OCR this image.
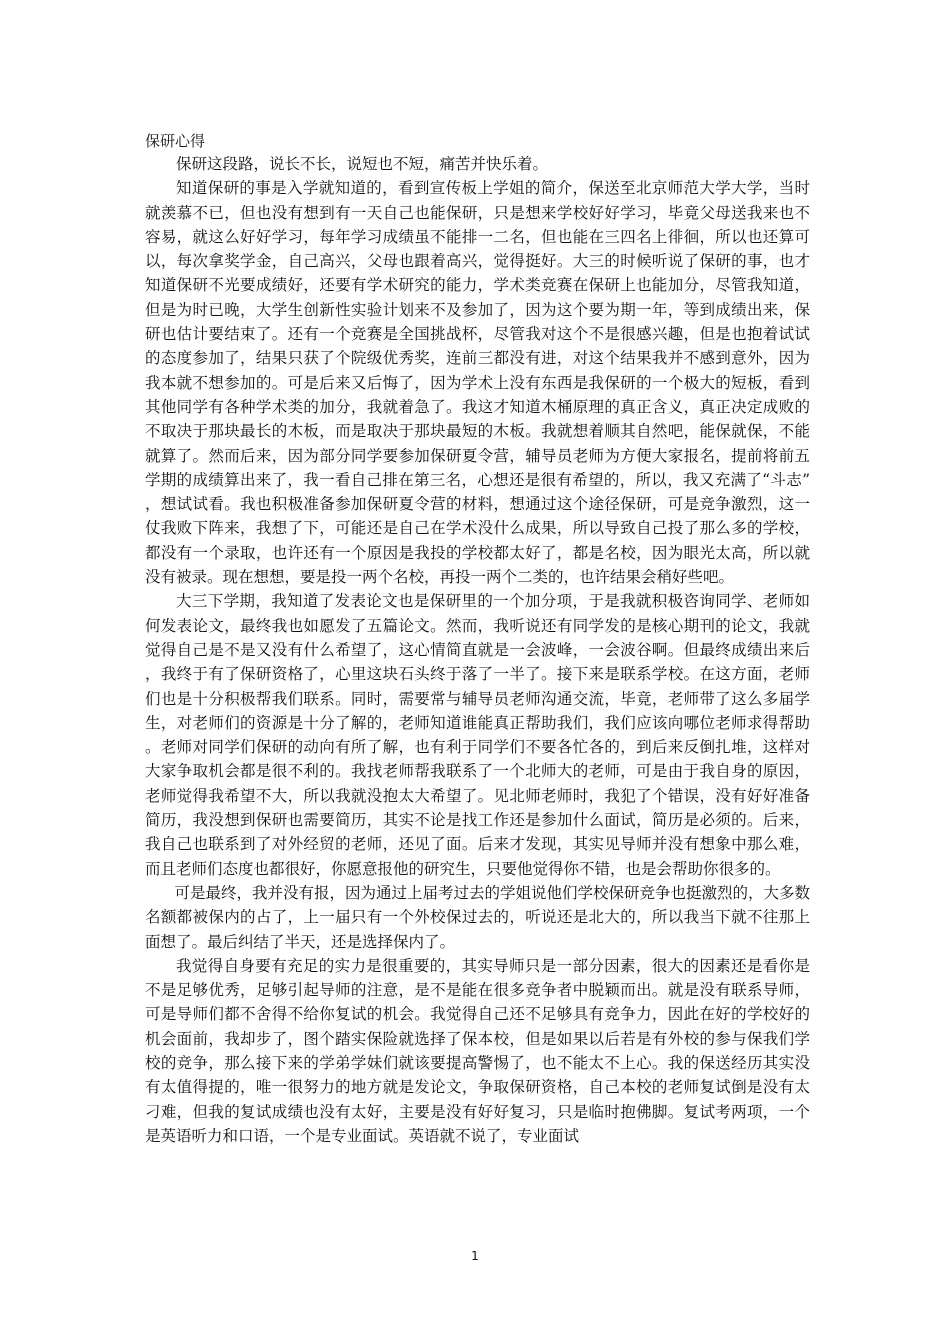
保研心得

保研这段路，说长不长，说短也不短，痛苦并快乐着。

知道保研的事是入学就知道的，看到宣传板上学姐的简介，保送至北京师范大学大学，当时就羡慕不已，但也没有想到有一天自己也能保研，只是想来学校好好学习，毕竟父母送我来也不容易，就这么好好学习，每年学习成绩虽不能排一二名，但也能在三四名上徘徊，所以也还算可以，每次拿奖学金，自己高兴，父母也跟着高兴，觉得挺好。大三的时候听说了保研的事，也才知道保研不光要成绩好，还要有学术研究的能力，学术类竞赛在保研上也能加分，尽管我知道，但是为时已晚，大学生创新性实验计划来不及参加了，因为这个要为期一年，等到成绩出来，保研也估计要结束了。还有一个竞赛是全国挑战杯，尽管我对这个不是很感兴趣，但是也抱着试试的态度参加了，结果只获了个院级优秀奖，连前三都没有进，对这个结果我并不感到意外，因为我本就不想参加的。可是后来又后悔了，因为学术上没有东西是我保研的一个极大的短板，看到其他同学有各种学术类的加分，我就着急了。我这才知道木桶原理的真正含义，真正决定成败的不取决于那块最长的木板，而是取决于那块最短的木板。我就想着顺其自然吧，能保就保，不能就算了。然而后来，因为部分同学要参加保研夏令营，辅导员老师为方便大家报名，提前将前五学期的成绩算出来了，我一看自己排在第三名，心想还是很有希望的，所以，我又充满了“斗志”，想试试看。我也积极准备参加保研夏令营的材料，想通过这个途径保研，可是竞争激烈，这一仗我败下阵来，我想了下，可能还是自己在学术没什么成果，所以导致自己投了那么多的学校，都没有一个录取，也许还有一个原因是我投的学校都太好了，都是名校，因为眼光太高，所以就没有被录。现在想想，要是投一两个名校，再投一两个二类的，也许结果会稍好些吧。

大三下学期，我知道了发表论文也是保研里的一个加分项，于是我就积极咨询同学、老师如何发表论文，最终我也如愿发了五篇论文。然而，我听说还有同学发的是核心期刊的论文，我就觉得自己是不是又没有什么希望了，这心情简直就是一会波峰，一会波谷啊。但最终成绩出来后，我终于有了保研资格了，心里这块石头终于落了一半了。接下来是联系学校。在这方面，老师们也是十分积极帮我们联系。同时，需要常与辅导员老师沟通交流，毕竟，老师带了这么多届学生，对老师们的资源是十分了解的，老师知道谁能真正帮助我们，我们应该向哪位老师求得帮助。老师对同学们保研的动向有所了解，也有利于同学们不要各忙各的，到后来反倒扎堆，这样对大家争取机会都是很不利的。我找老师帮我联系了一个北师大的老师，可是由于我自身的原因，老师觉得我希望不大，所以我就没抱太大希望了。见北师老师时，我犯了个错误，没有好好准备简历，我没想到保研也需要简历，其实不论是找工作还是参加什么面试，简历是必须的。后来，我自己也联系到了对外经贸的老师，还见了面。后来才发现，其实见导师并没有想象中那么难，而且老师们态度也都很好，你愿意报他的研究生，只要他觉得你不错，也是会帮助你很多的。

可是最终，我并没有报，因为通过上届考过去的学姐说他们学校保研竞争也挺激烈的，大多数名额都被保内的占了，上一届只有一个外校保过去的，听说还是北大的，所以我当下就不往那上面想了。最后纠结了半天，还是选择保内了。

我觉得自身要有充足的实力是很重要的，其实导师只是一部分因素，很大的因素还是看你是不是足够优秀，足够引起导师的注意，是不是能在很多竞争者中脱颖而出。就是没有联系导师，可是导师们都不舍得不给你复试的机会。我觉得自己还不足够具有竞争力，因此在好的学校好的机会面前，我却步了，图个踏实保险就选择了保本校，但是如果以后若是有外校的参与保我们学校的竞争，那么接下来的学弟学妹们就该要提高警惕了，也不能太不上心。我的保送经历其实没有太值得提的，唯一很努力的地方就是发论文，争取保研资格，自己本校的老师复试倒是没有太刁难，但我的复试成绩也没有太好，主要是没有好好复习，只是临时抱佛脚。复试考两项，一个是英语听力和口语，一个是专业面试。英语就不说了，专业面试

1
